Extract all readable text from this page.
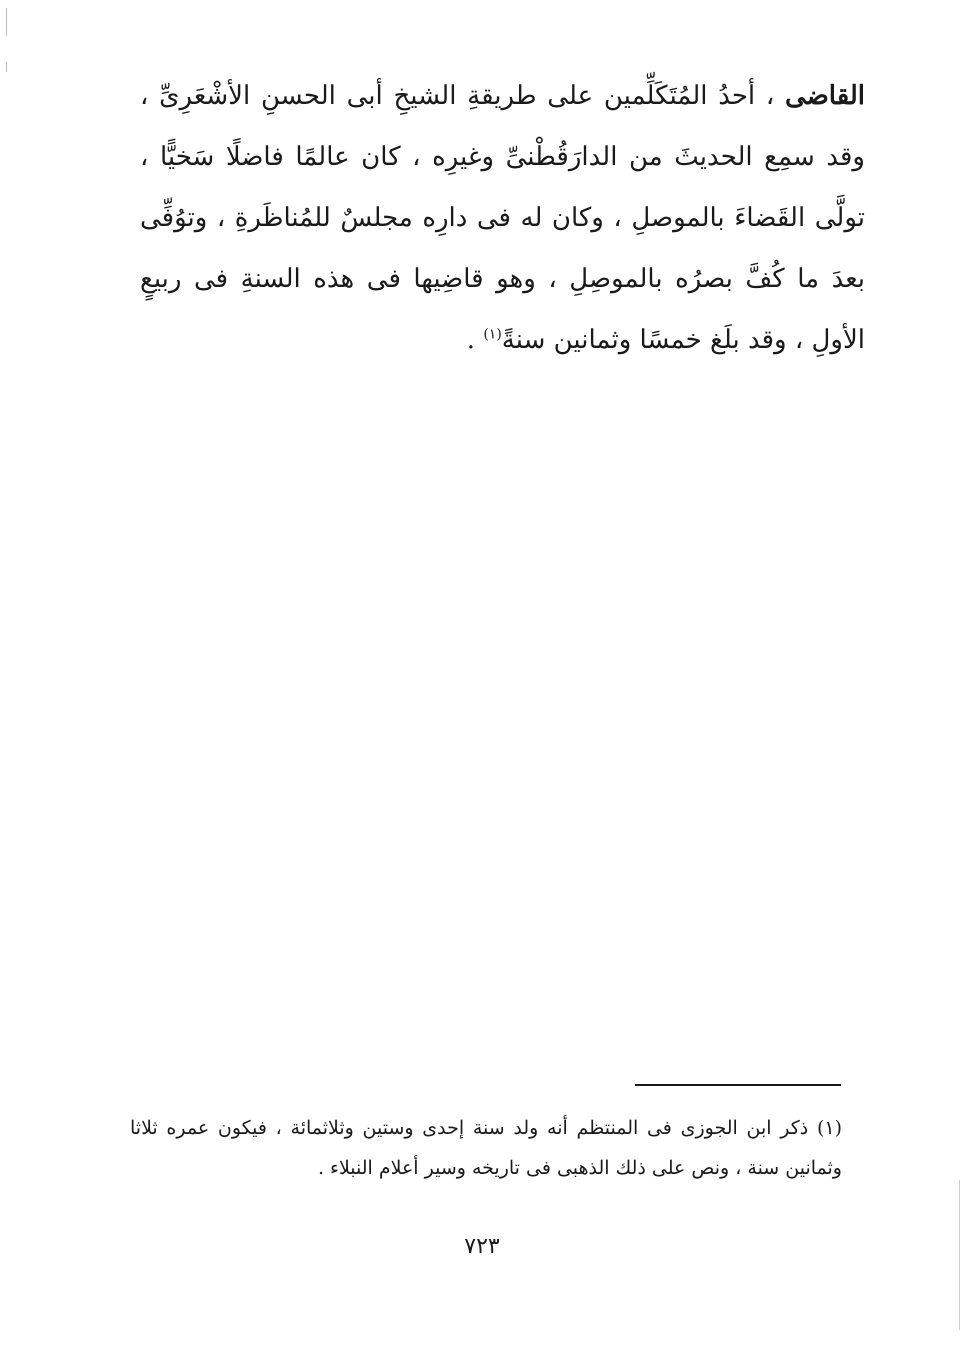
القاضى ، أحدُ المُتَكَلِّمين على طريقةِ الشيخِ أبى الحسنِ الأشْعَرِىِّ ، وقد سمِع الحديثَ من الدارَقُطْنىِّ وغيرِه ، كان عالمًا فاضلًا سَخيًّا ، تولَّى القَضاءَ بالموصلِ ، وكان له فى دارِه مجلسٌ للمُناظَرةِ ، وتوُفِّى بعدَ ما كُفَّ بصرُه بالموصِلِ ، وهو قاضِيها فى هذه السنةِ فى ربيعٍ الأولِ ، وقد بلَغ خمسًا وثمانين سنةً$^{(١)}$ .

(١) ذكر ابن الجوزى فى المنتظم أنه ولد سنة إحدى وستين وثلاثمائة ، فيكون عمره ثلاثا وثمانين سنة ، ونص على ذلك الذهبى فى تاريخه وسير أعلام النبلاء .

٧٢٣
